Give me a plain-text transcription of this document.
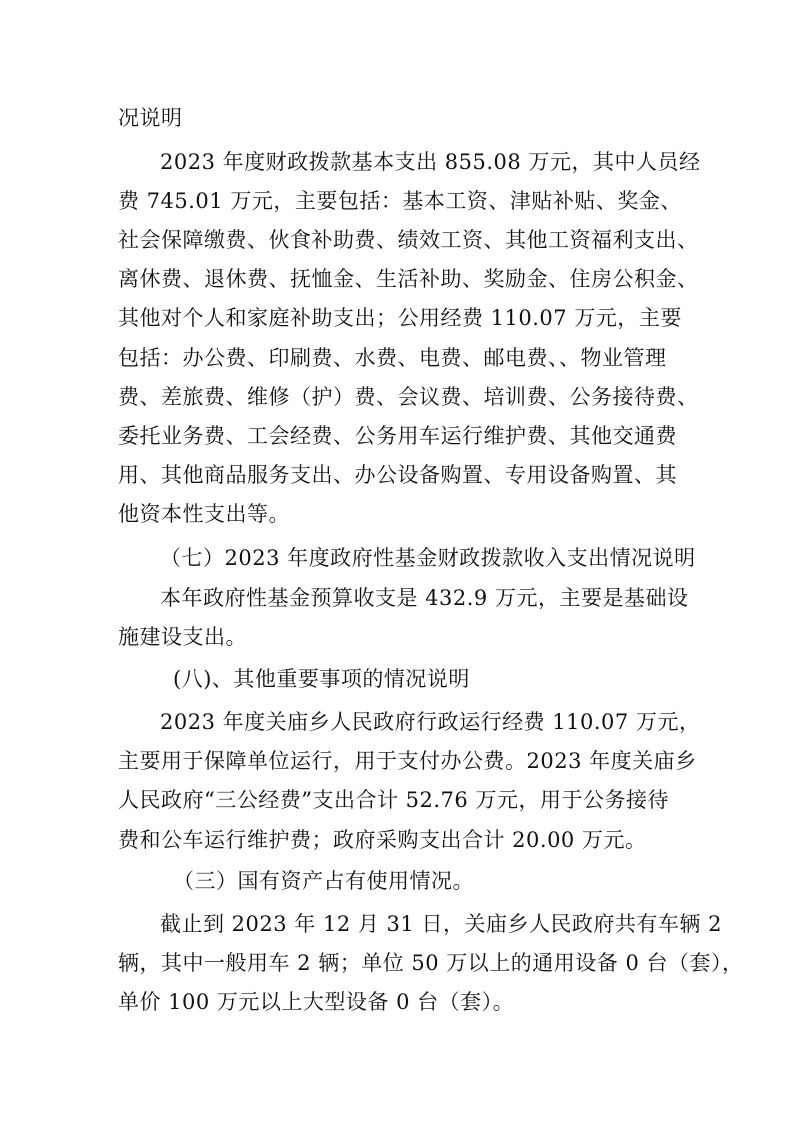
况说明
2023 年度财政拨款基本支出 855.08 万元，其中人员经
费 745.01 万元，主要包括：基本工资、津贴补贴、奖金、
社会保障缴费、伙食补助费、绩效工资、其他工资福利支出、
离休费、退休费、抚恤金、生活补助、奖励金、住房公积金、
其他对个人和家庭补助支出；公用经费 110.07 万元，主要
包括：办公费、印刷费、水费、电费、邮电费、、物业管理
费、差旅费、维修（护）费、会议费、培训费、公务接待费、
委托业务费、工会经费、公务用车运行维护费、其他交通费
用、其他商品服务支出、办公设备购置、专用设备购置、其
他资本性支出等。
（七）2023 年度政府性基金财政拨款收入支出情况说明
本年政府性基金预算收支是 432.9 万元，主要是基础设
施建设支出。
(八)、其他重要事项的情况说明
2023 年度关庙乡人民政府行政运行经费 110.07 万元，
主要用于保障单位运行，用于支付办公费。2023 年度关庙乡
人民政府“三公经费”支出合计 52.76 万元，用于公务接待
费和公车运行维护费；政府采购支出合计 20.00 万元。
（三）国有资产占有使用情况。
截止到 2023 年 12 月 31 日，关庙乡人民政府共有车辆 2
辆，其中一般用车 2 辆；单位 50 万以上的通用设备 0 台（套），
单价 100 万元以上大型设备 0 台（套）。
